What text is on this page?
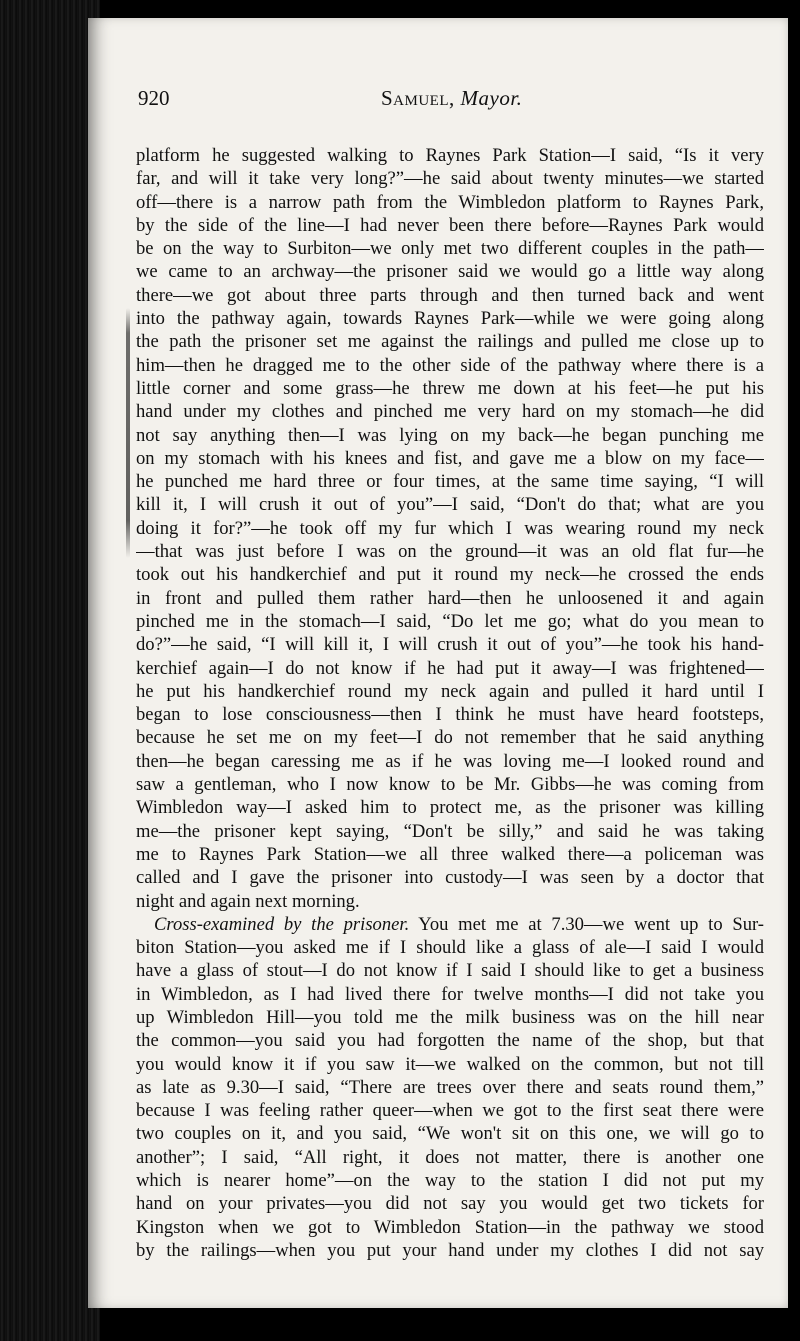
920	Samuel, Mayor.
platform he suggested walking to Raynes Park Station—I said, “Is it very
far, and will it take very long?”—he said about twenty minutes—we started
off—there is a narrow path from the Wimbledon platform to Raynes Park,
by the side of the line—I had never been there before—Raynes Park would
be on the way to Surbiton—we only met two different couples in the path—
we came to an archway—the prisoner said we would go a little way along
there—we got about three parts through and then turned back and went
into the pathway again, towards Raynes Park—while we were going along
the path the prisoner set me against the railings and pulled me close up to
him—then he dragged me to the other side of the pathway where there is a
little corner and some grass—he threw me down at his feet—he put his
hand under my clothes and pinched me very hard on my stomach—he did
not say anything then—I was lying on my back—he began punching me
on my stomach with his knees and fist, and gave me a blow on my face—
he punched me hard three or four times, at the same time saying, “I will
kill it, I will crush it out of you”—I said, “Don't do that; what are you
doing it for?”—he took off my fur which I was wearing round my neck
—that was just before I was on the ground—it was an old flat fur—he
took out his handkerchief and put it round my neck—he crossed the ends
in front and pulled them rather hard—then he unloosened it and again
pinched me in the stomach—I said, “Do let me go; what do you mean to
do?”—he said, “I will kill it, I will crush it out of you”—he took his hand-
kerchief again—I do not know if he had put it away—I was frightened—
he put his handkerchief round my neck again and pulled it hard until I
began to lose consciousness—then I think he must have heard footsteps,
because he set me on my feet—I do not remember that he said anything
then—he began caressing me as if he was loving me—I looked round and
saw a gentleman, who I now know to be Mr. Gibbs—he was coming from
Wimbledon way—I asked him to protect me, as the prisoner was killing
me—the prisoner kept saying, “Don't be silly,” and said he was taking
me to Raynes Park Station—we all three walked there—a policeman was
called and I gave the prisoner into custody—I was seen by a doctor that
night and again next morning.
Cross-examined by the prisoner. You met me at 7.30—we went up to Sur-
biton Station—you asked me if I should like a glass of ale—I said I would
have a glass of stout—I do not know if I said I should like to get a business
in Wimbledon, as I had lived there for twelve months—I did not take you
up Wimbledon Hill—you told me the milk business was on the hill near
the common—you said you had forgotten the name of the shop, but that
you would know it if you saw it—we walked on the common, but not till
as late as 9.30—I said, “There are trees over there and seats round them,”
because I was feeling rather queer—when we got to the first seat there were
two couples on it, and you said, “We won't sit on this one, we will go to
another”; I said, “All right, it does not matter, there is another one
which is nearer home”—on the way to the station I did not put my
hand on your privates—you did not say you would get two tickets for
Kingston when we got to Wimbledon Station—in the pathway we stood
by the railings—when you put your hand under my clothes I did not say
